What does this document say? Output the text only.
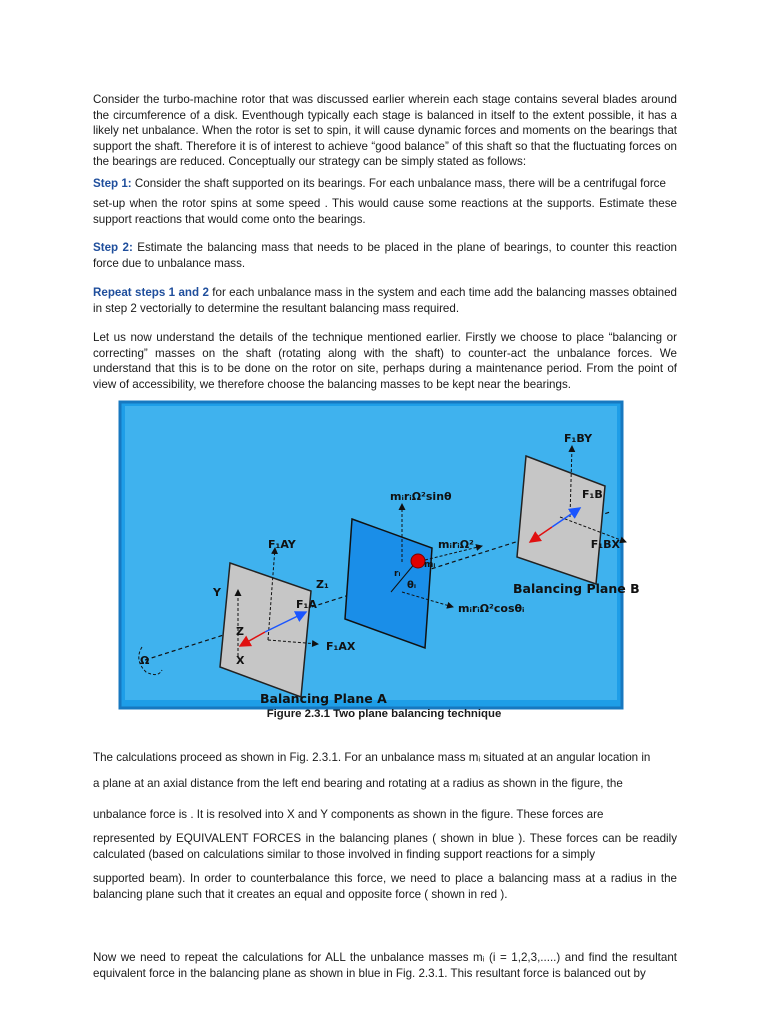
Consider the turbo-machine rotor that was discussed earlier wherein each stage contains several blades around the circumference of a disk. Eventhough typically each stage is balanced in itself to the extent possible, it has a likely net unbalance. When the rotor is set to spin, it will cause dynamic forces and moments on the bearings that support the shaft. Therefore it is of interest to achieve “good balance” of this shaft so that the fluctuating forces on the bearings are reduced. Conceptually our strategy can be simply stated as follows:

Step 1: Consider the shaft supported on its bearings. For each unbalance mass, there will be a centrifugal force

set-up when the rotor spins at some speed . This would cause some reactions at the supports. Estimate these support reactions that would come onto the bearings.

Step 2: Estimate the balancing mass that needs to be placed in the plane of bearings, to counter this reaction force due to unbalance mass.

Repeat steps 1 and 2 for each unbalance mass in the system and each time add the balancing masses obtained in step 2 vectorially to determine the resultant balancing mass required.

Let us now understand the details of the technique mentioned earlier. Firstly we choose to place “balancing or correcting” masses on the shaft (rotating along with the shaft) to counter-act the unbalance forces. We understand that this is to be done on the rotor on site, perhaps during a maintenance period. From the point of view of accessibility, we therefore choose the balancing masses to be kept near the bearings.

F₁BY
F₁B
F₁BX
mᵢrᵢΩ²sinθ
mᵢrᵢΩ²
mᵢ
rᵢ
θᵢ
mᵢrᵢΩ²cosθᵢ
Balancing Plane B
F₁AY
Z₁
F₁A
F₁AX
Y
Z
X
Ω
Balancing Plane A
Figure 2.3.1 Two plane balancing technique
The calculations proceed as shown in Fig. 2.3.1. For an unbalance mass mᵢ situated at an angular location in
a plane at an axial distance from the left end bearing and rotating at a radius as shown in the figure, the
unbalance force is . It is resolved into X and Y components as shown in the figure. These forces are

represented by EQUIVALENT FORCES in the balancing planes ( shown in blue ). These forces can be readily calculated (based on calculations similar to those involved in finding support reactions for a simply

supported beam). In order to counterbalance this force, we need to place a balancing mass at a radius in the balancing plane such that it creates an equal and opposite force ( shown in red ).

Now we need to repeat the calculations for ALL the unbalance masses mᵢ (i = 1,2,3,.....) and find the resultant equivalent force in the balancing plane as shown in blue in Fig. 2.3.1. This resultant force is balanced out by
